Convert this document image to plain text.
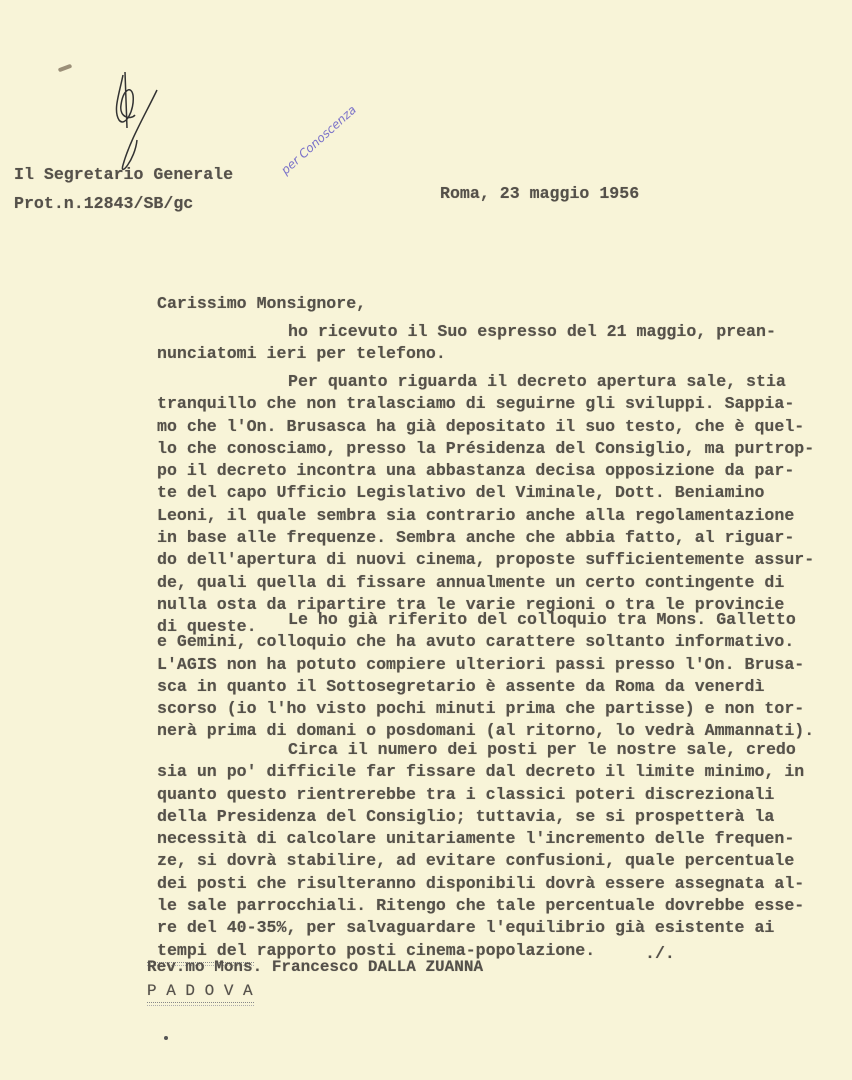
Il Segretario Generale
Prot.n.12843/SB/gc
per Conoscenza
Roma, 23 maggio 1956
Carissimo Monsignore,
ho ricevuto il Suo espresso del 21 maggio, prean-
nunciatomi ieri per telefono.
Per quanto riguarda il decreto apertura sale, stia
tranquillo che non tralasciamo di seguirne gli sviluppi. Sappia-
mo che l'On. Brusasca ha già depositato il suo testo, che è quel-
lo che conosciamo, presso la Présidenza del Consiglio, ma purtrop-
po il decreto incontra una abbastanza decisa opposizione da par-
te del capo Ufficio Legislativo del Viminale, Dott. Beniamino
Leoni, il quale sembra sia contrario anche alla regolamentazione
in base alle frequenze. Sembra anche che abbia fatto, al riguar-
do dell'apertura di nuovi cinema, proposte sufficientemente assur-
de, quali quella di fissare annualmente un certo contingente di
nulla osta da ripartire tra le varie regioni o tra le provincie
di queste.	Le ho già riferito del colloquio tra Mons. Galletto
e Gemini, colloquio che ha avuto carattere soltanto informativo.
L'AGIS non ha potuto compiere ulteriori passi presso l'On. Brusa-
sca in quanto il Sottosegretario è assente da Roma da venerdì
scorso (io l'ho visto pochi minuti prima che partisse) e non tor-
nerà prima di domani o posdomani (al ritorno, lo vedrà Ammannati).
Circa il numero dei posti per le nostre sale, credo
sia un po' difficile far fissare dal decreto il limite minimo, in
quanto questo rientrerebbe tra i classici poteri discrezionali
della Presidenza del Consiglio; tuttavia, se si prospetterà la
necessità di calcolare unitariamente l'incremento delle frequen-
ze, si dovrà stabilire, ad evitare confusioni, quale percentuale
dei posti che risulteranno disponibili dovrà essere assegnata al-
le sale parrocchiali. Ritengo che tale percentuale dovrebbe esse-
re del 40-35%, per salvaguardare l'equilibrio già esistente ai
tempi del rapporto posti cinema-popolazione.	./.
Rev.mo Mons. Francesco DALLA ZUANNA
P A D O V A
